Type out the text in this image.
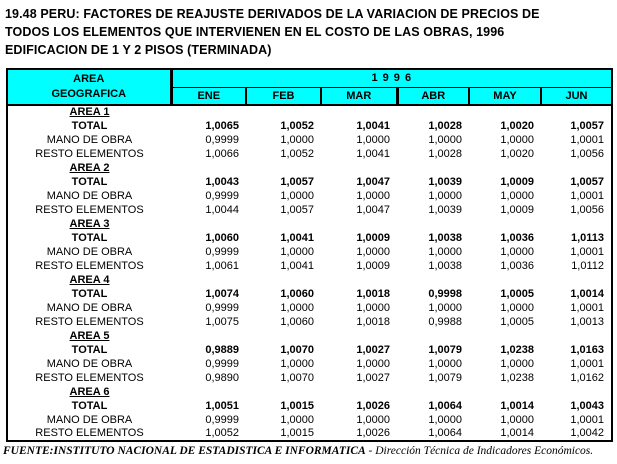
19.48 PERU: FACTORES DE REAJUSTE DERIVADOS DE LA VARIACION DE PRECIOS DE
TODOS LOS ELEMENTOS QUE INTERVIENEN EN EL COSTO DE LAS OBRAS, 1996
EDIFICACION DE 1 Y 2 PISOS (TERMINADA)
AREA
GEOGRAFICA	1 9 9 6					
	ENE	FEB	MAR	ABR	MAY	JUN
AREA 1						
TOTAL	1,0065	1,0052	1,0041	1,0028	1,0020	1,0057
MANO DE OBRA	0,9999	1,0000	1,0000	1,0000	1,0000	1,0001
RESTO ELEMENTOS	1,0066	1,0052	1,0041	1,0028	1,0020	1,0056
AREA 2						
TOTAL	1,0043	1,0057	1,0047	1,0039	1,0009	1,0057
MANO DE OBRA	0,9999	1,0000	1,0000	1,0000	1,0000	1,0001
RESTO ELEMENTOS	1,0044	1,0057	1,0047	1,0039	1,0009	1,0056
AREA 3						
TOTAL	1,0060	1,0041	1,0009	1,0038	1,0036	1,0113
MANO DE OBRA	0,9999	1,0000	1,0000	1,0000	1,0000	1,0001
RESTO ELEMENTOS	1,0061	1,0041	1,0009	1,0038	1,0036	1,0112
AREA 4						
TOTAL	1,0074	1,0060	1,0018	0,9998	1,0005	1,0014
MANO DE OBRA	0,9999	1,0000	1,0000	1,0000	1,0000	1,0001
RESTO ELEMENTOS	1,0075	1,0060	1,0018	0,9988	1,0005	1,0013
AREA 5						
TOTAL	0,9889	1,0070	1,0027	1,0079	1,0238	1,0163
MANO DE OBRA	0,9999	1,0000	1,0000	1,0000	1,0000	1,0001
RESTO ELEMENTOS	0,9890	1,0070	1,0027	1,0079	1,0238	1,0162
AREA 6						
TOTAL	1,0051	1,0015	1,0026	1,0064	1,0014	1,0043
MANO DE OBRA	0,9999	1,0000	1,0000	1,0000	1,0000	1,0001
RESTO ELEMENTOS	1,0052	1,0015	1,0026	1,0064	1,0014	1,0042
FUENTE:INSTITUTO NACIONAL DE ESTADISTICA E INFORMATICA - Dirección Técnica de Indicadores Económicos.
